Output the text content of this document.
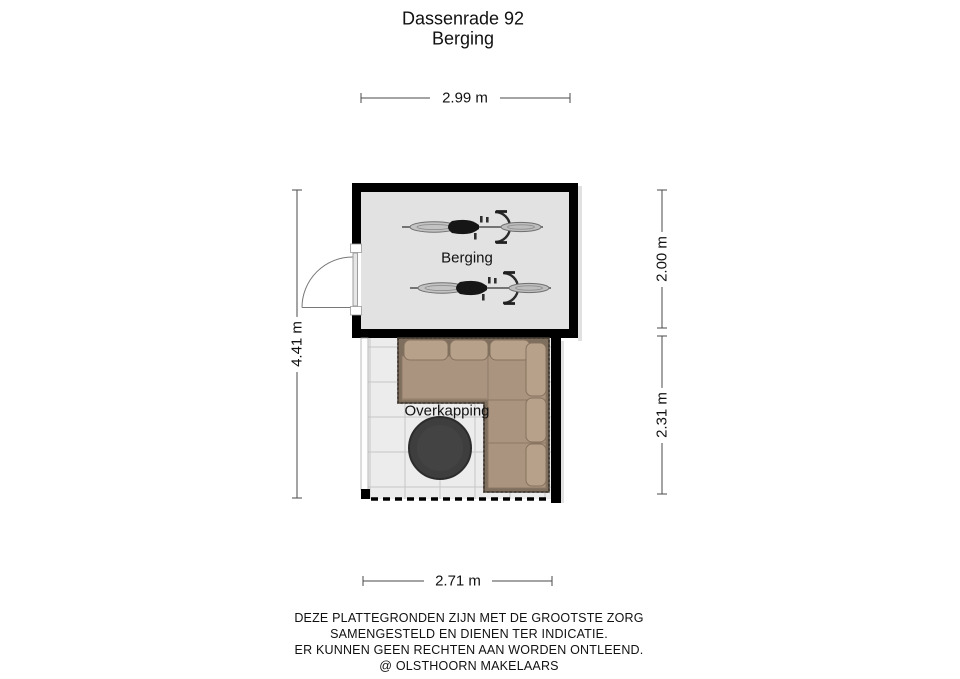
Dassenrade 92
Berging
2.99 m
4.41 m
2.00 m
2.31 m
2.71 m
Berging
Overkapping
DEZE PLATTEGRONDEN ZIJN MET DE GROOTSTE ZORG
SAMENGESTELD EN DIENEN TER INDICATIE.
ER KUNNEN GEEN RECHTEN AAN WORDEN ONTLEEND.
@ OLSTHOORN MAKELAARS
